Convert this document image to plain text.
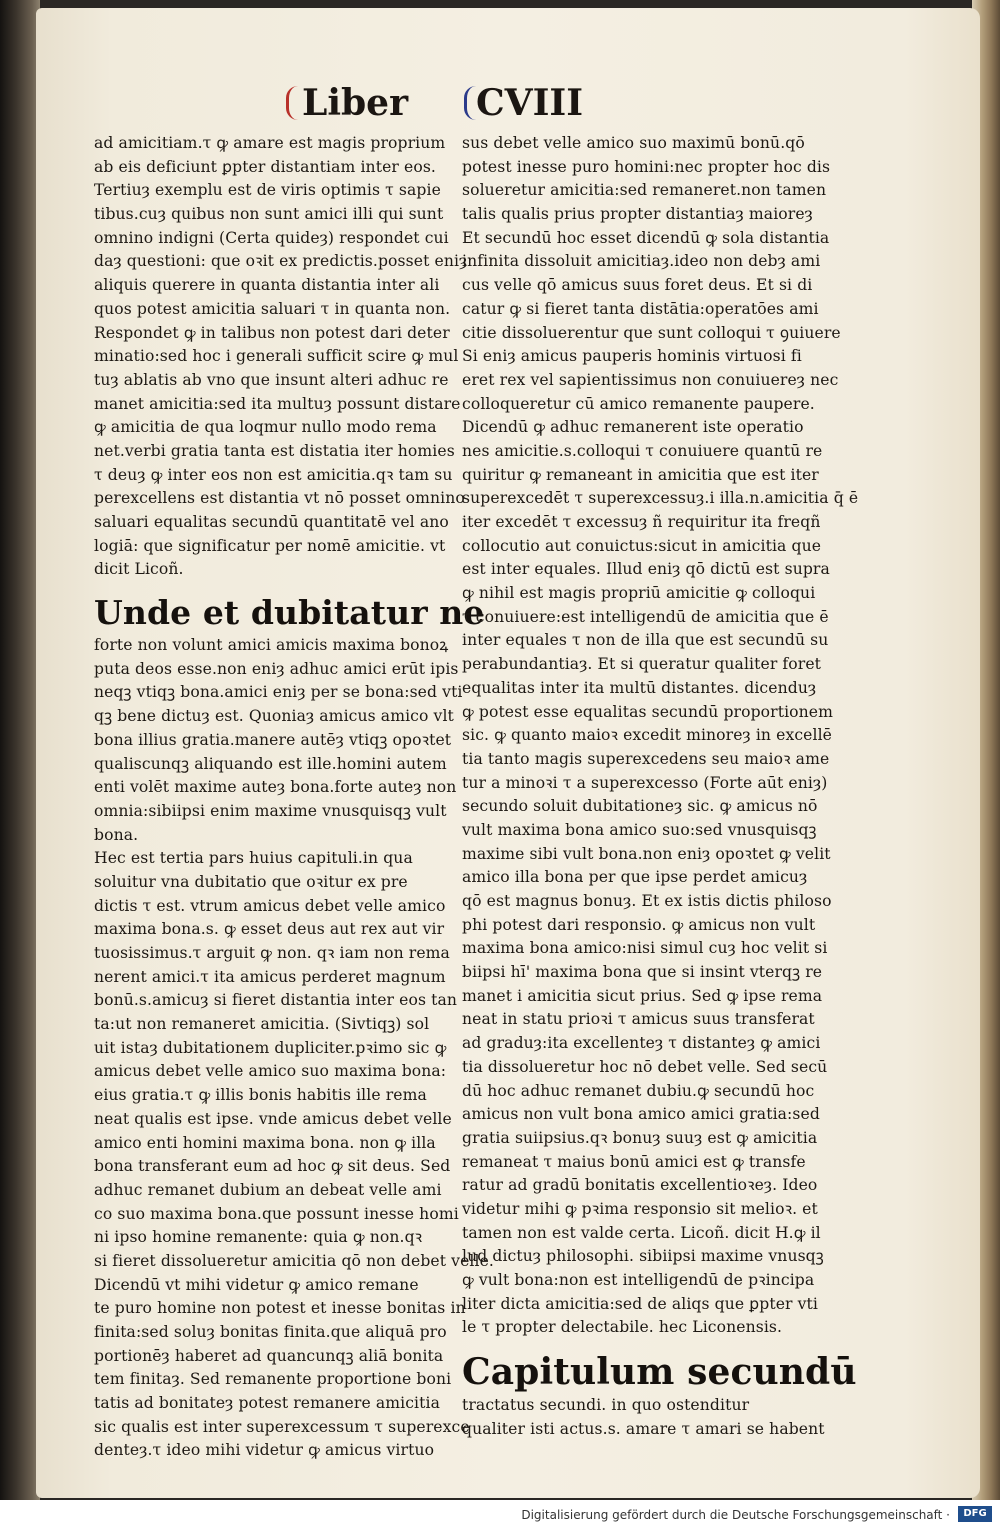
Liber CVIII
ad amicitiam.τ ꝙ amare est magis proprium
ab eis deficiunt ꝑpter distantiam inter eos.
Tertiuȝ exemplu est de viris optimis τ sapie
tibus.cuȝ quibus non sunt amici illi qui sunt
omnino indigni (Certa quideȝ) respondet cui
daȝ questioni: que oꝛit ex predictis.posset eniȝ
aliquis querere in quanta distantia inter ali
quos potest amicitia saluari τ in quanta non.
Respondet ꝙ in talibus non potest dari deter
minatio:sed hoc i generali sufficit scire ꝙ mul
tuȝ ablatis ab vno que insunt alteri adhuc re
manet amicitia:sed ita multuȝ possunt distare
ꝙ amicitia de qua loqmur nullo modo rema
net.verbi gratia tanta est distatia iter homies
τ deuȝ ꝙ inter eos non est amicitia.qꝛ tam su
perexcellens est distantia vt nō posset omnino
saluari equalitas secundū quantitatē vel ano
logiā: que significatur per nomē amicitie. vt
dicit Licoñ.
Unde et dubitatur ne
forte non volunt amici amicis maxima bonoꝝ
puta deos esse.non eniȝ adhuc amici erūt ipis
neqꝫ vtiqꝫ bona.amici eniȝ per se bona:sed vti
qꝫ bene dictuȝ est. Quoniaȝ amicus amico vlt
bona illius gratia.manere autēȝ vtiqꝫ opoꝛtet
qualiscunqꝫ aliquando est ille.homini autem
enti volēt maxime auteȝ bona.forte auteȝ non
omnia:sibiipsi enim maxime vnusquisqꝫ vult
bona.
Hec est tertia pars huius capituli.in qua
soluitur vna dubitatio que oꝛitur ex pre
dictis τ est. vtrum amicus debet velle amico
maxima bona.s. ꝙ esset deus aut rex aut vir
tuosissimus.τ arguit ꝙ non. qꝛ iam non rema
nerent amici.τ ita amicus perderet magnum
bonū.s.amicuȝ si fieret distantia inter eos tan
ta:ut non remaneret amicitia. (Sivtiqꝫ) sol
uit istaȝ dubitationem dupliciter.pꝛimo sic ꝙ
amicus debet velle amico suo maxima bona:
eius gratia.τ ꝙ illis bonis habitis ille rema
neat qualis est ipse. vnde amicus debet velle
amico enti homini maxima bona. non ꝙ illa
bona transferant eum ad hoc ꝙ sit deus. Sed
adhuc remanet dubium an debeat velle ami
co suo maxima bona.que possunt inesse homi
ni ipso homine remanente: quia ꝙ non.qꝛ
si fieret dissolueretur amicitia qō non debet velle.
Dicendū vt mihi videtur ꝙ amico remane
te puro homine non potest et inesse bonitas in
finita:sed soluȝ bonitas finita.que aliquā pro
portionēȝ haberet ad quancunqꝫ aliā bonita
tem finitaȝ. Sed remanente proportione boni
tatis ad bonitateȝ potest remanere amicitia
sic qualis est inter superexcessum τ superexce
denteȝ.τ ideo mihi videtur ꝙ amicus virtuo
sus debet velle amico suo maximū bonū.qō
potest inesse puro homini:nec propter hoc dis
solueretur amicitia:sed remaneret.non tamen
talis qualis prius propter distantiaȝ maioreȝ
Et secundū hoc esset dicendū ꝙ sola distantia
infinita dissoluit amicitiaȝ.ideo non debȝ ami
cus velle qō amicus suus foret deus. Et si di
catur ꝙ si fieret tanta distātia:operatōes ami
citie dissoluerentur que sunt colloqui τ ꝯuiuere
Si eniȝ amicus pauperis hominis virtuosi fi
eret rex vel sapientissimus non conuiuereȝ nec
colloqueretur cū amico remanente paupere.
Dicendū ꝙ adhuc remanerent iste operatio
nes amicitie.s.colloqui τ conuiuere quantū re
quiritur ꝙ remaneant in amicitia que est iter
superexcedēt τ superexcessuȝ.i illa.n.amicitia q̄ ē
iter excedēt τ excessuȝ ñ requiritur ita freqñ
collocutio aut conuictus:sicut in amicitia que
est inter equales. Illud eniȝ qō dictū est supra
ꝙ nihil est magis propriū amicitie ꝙ colloqui
τ conuiuere:est intelligendū de amicitia que ē
inter equales τ non de illa que est secundū su
perabundantiaȝ. Et si queratur qualiter foret
equalitas inter ita multū distantes. dicenduȝ
ꝙ potest esse equalitas secundū proportionem
sic. ꝙ quanto maioꝛ excedit minoreȝ in excellē
tia tanto magis superexcedens seu maioꝛ ame
tur a minoꝛi τ a superexcesso (Forte aūt eniȝ)
secundo soluit dubitationeȝ sic. ꝙ amicus nō
vult maxima bona amico suo:sed vnusquisqꝫ
maxime sibi vult bona.non eniȝ opoꝛtet ꝙ velit
amico illa bona per que ipse perdet amicuȝ
qō est magnus bonuȝ. Et ex istis dictis philoso
phi potest dari responsio. ꝙ amicus non vult
maxima bona amico:nisi simul cuȝ hoc velit si
biipsi hī' maxima bona que si insint vterqꝫ re
manet i amicitia sicut prius. Sed ꝙ ipse rema
neat in statu prioꝛi τ amicus suus transferat
ad graduȝ:ita excellenteȝ τ distanteȝ ꝙ amici
tia dissolueretur hoc nō debet velle. Sed secū
dū hoc adhuc remanet dubiu.ꝙ secundū hoc
amicus non vult bona amico amici gratia:sed
gratia suiipsius.qꝛ bonuȝ suuȝ est ꝙ amicitia
remaneat τ maius bonū amici est ꝙ transfe
ratur ad gradū bonitatis excellentioꝛeȝ. Ideo
videtur mihi ꝙ pꝛima responsio sit melioꝛ. et
tamen non est valde certa. Licoñ. dicit H.ꝙ il
lud dictuȝ philosophi. sibiipsi maxime vnusqꝫ
ꝙ vult bona:non est intelligendū de pꝛincipa
liter dicta amicitia:sed de aliqs que ꝑpter vti
le τ propter delectabile. hec Liconensis.
Capitulum secundū
tractatus secundi. in quo ostenditur
qualiter isti actus.s. amare τ amari se habent
Digitalisierung gefördert durch die Deutsche Forschungsgemeinschaft ·	DFG
